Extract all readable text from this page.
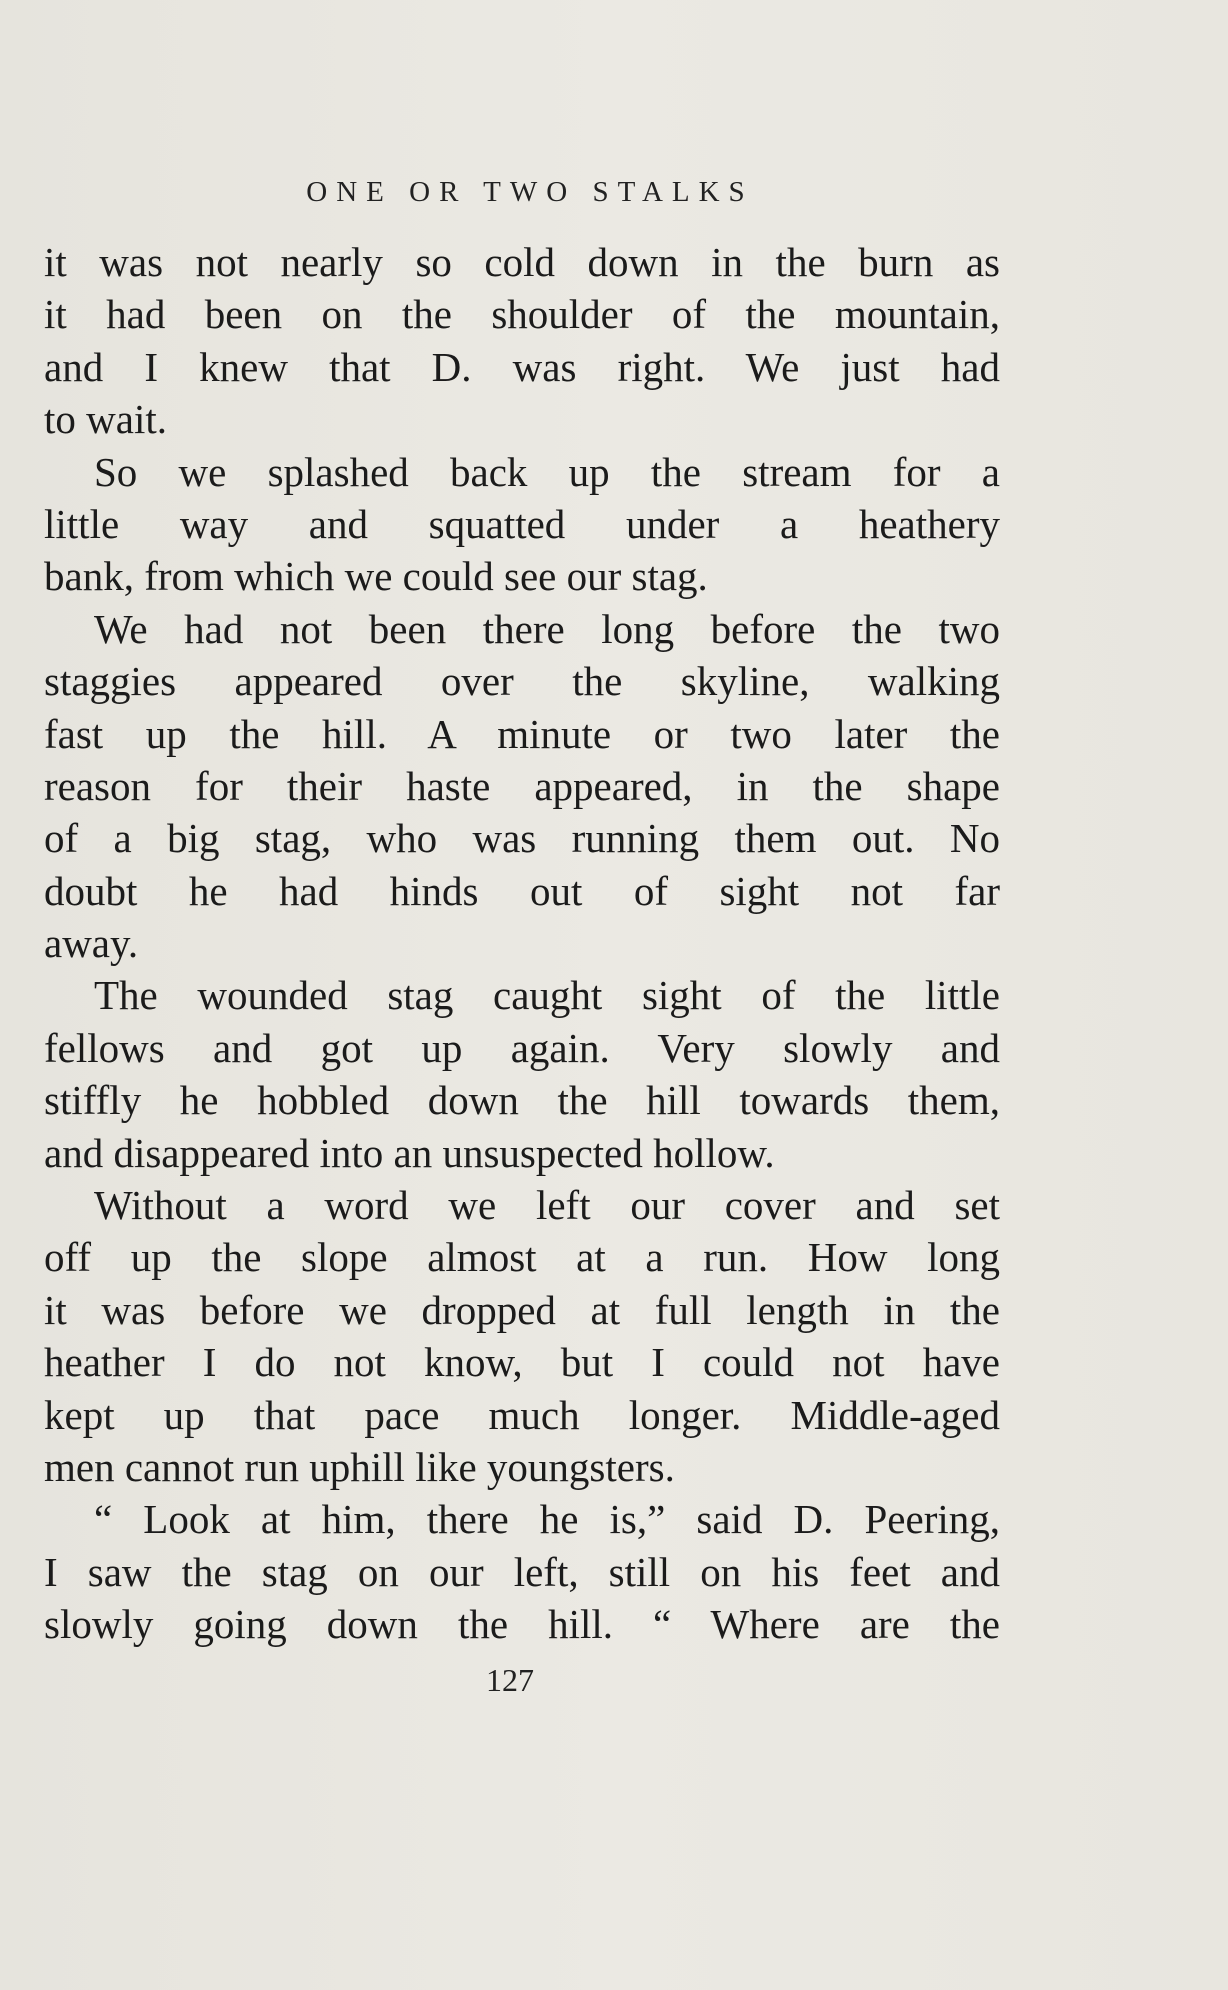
ONE OR TWO STALKS
it was not nearly so cold down in the burn as
it had been on the shoulder of the mountain,
and I knew that D. was right. We just had
to wait.
So we splashed back up the stream for a
little way and squatted under a heathery
bank, from which we could see our stag.
We had not been there long before the two
staggies appeared over the skyline, walking
fast up the hill. A minute or two later the
reason for their haste appeared, in the shape
of a big stag, who was running them out. No
doubt he had hinds out of sight not far
away.
The wounded stag caught sight of the little
fellows and got up again. Very slowly and
stiffly he hobbled down the hill towards them,
and disappeared into an unsuspected hollow.
Without a word we left our cover and set
off up the slope almost at a run. How long
it was before we dropped at full length in the
heather I do not know, but I could not have
kept up that pace much longer. Middle-aged
men cannot run uphill like youngsters.
“ Look at him, there he is,” said D. Peering,
I saw the stag on our left, still on his feet and
slowly going down the hill. “ Where are the
127
